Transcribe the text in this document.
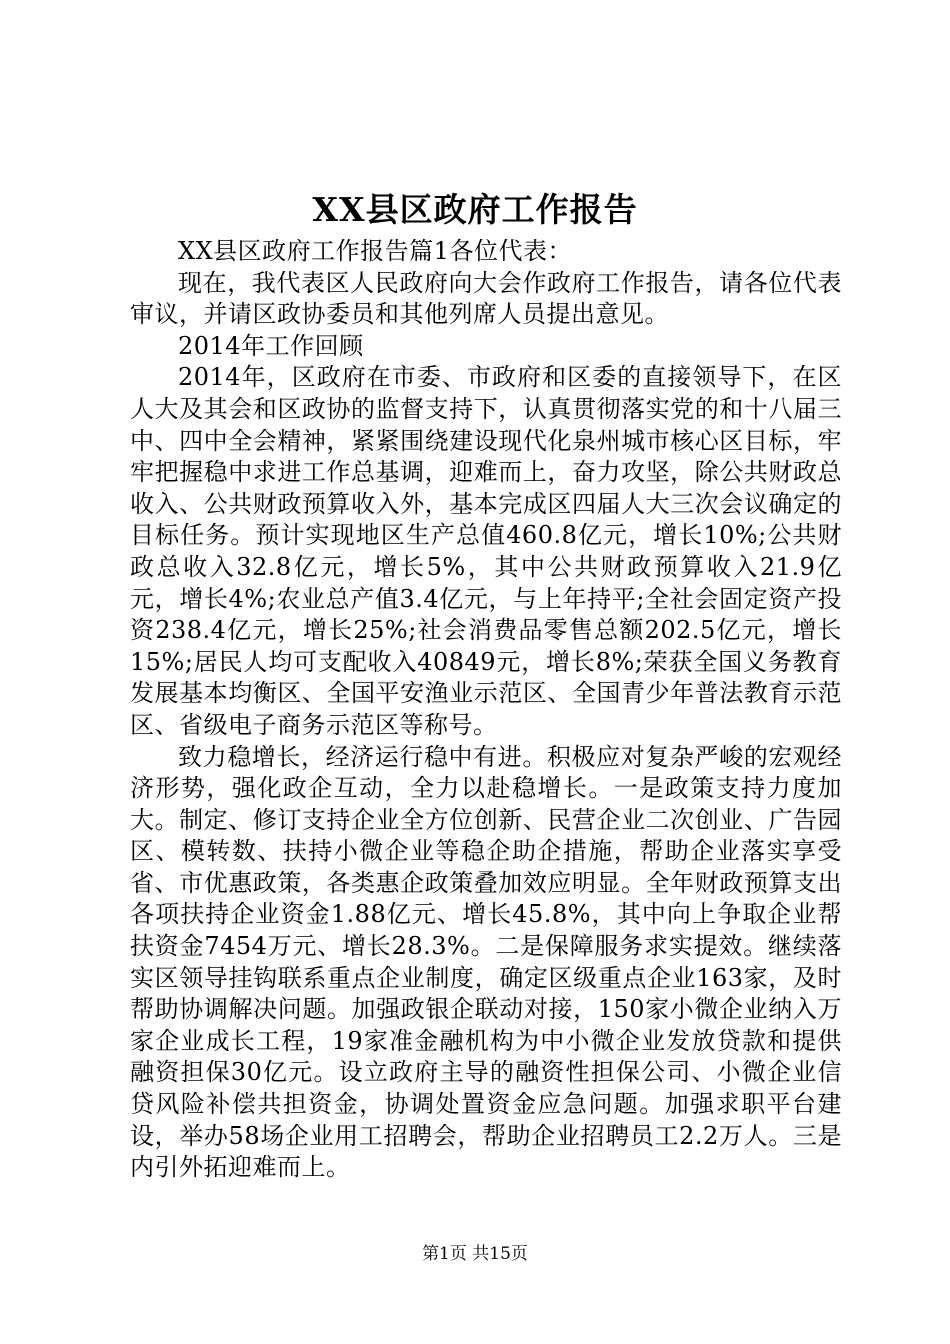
XX县区政府工作报告

XX县区政府工作报告篇1各位代表：

现在，我代表区人民政府向大会作政府工作报告，请各位代表审议，并请区政协委员和其他列席人员提出意见。

2014年工作回顾

2014年，区政府在市委、市政府和区委的直接领导下，在区人大及其会和区政协的监督支持下，认真贯彻落实党的和十八届三中、四中全会精神，紧紧围绕建设现代化泉州城市核心区目标，牢牢把握稳中求进工作总基调，迎难而上，奋力攻坚，除公共财政总收入、公共财政预算收入外，基本完成区四届人大三次会议确定的目标任务。预计实现地区生产总值460.8亿元，增长10%;公共财政总收入32.8亿元，增长5%，其中公共财政预算收入21.9亿元，增长4%;农业总产值3.4亿元，与上年持平;全社会固定资产投资238.4亿元，增长25%;社会消费品零售总额202.5亿元，增长15%;居民人均可支配收入40849元，增长8%;荣获全国义务教育发展基本均衡区、全国平安渔业示范区、全国青少年普法教育示范区、省级电子商务示范区等称号。

致力稳增长，经济运行稳中有进。积极应对复杂严峻的宏观经济形势，强化政企互动，全力以赴稳增长。一是政策支持力度加大。制定、修订支持企业全方位创新、民营企业二次创业、广告园区、模转数、扶持小微企业等稳企助企措施，帮助企业落实享受省、市优惠政策，各类惠企政策叠加效应明显。全年财政预算支出各项扶持企业资金1.88亿元、增长45.8%，其中向上争取企业帮扶资金7454万元、增长28.3%。二是保障服务求实提效。继续落实区领导挂钩联系重点企业制度，确定区级重点企业163家，及时帮助协调解决问题。加强政银企联动对接，150家小微企业纳入万家企业成长工程，19家准金融机构为中小微企业发放贷款和提供融资担保30亿元。设立政府主导的融资性担保公司、小微企业信贷风险补偿共担资金，协调处置资金应急问题。加强求职平台建设，举办58场企业用工招聘会，帮助企业招聘员工2.2万人。三是内引外拓迎难而上。

第1页 共15页
